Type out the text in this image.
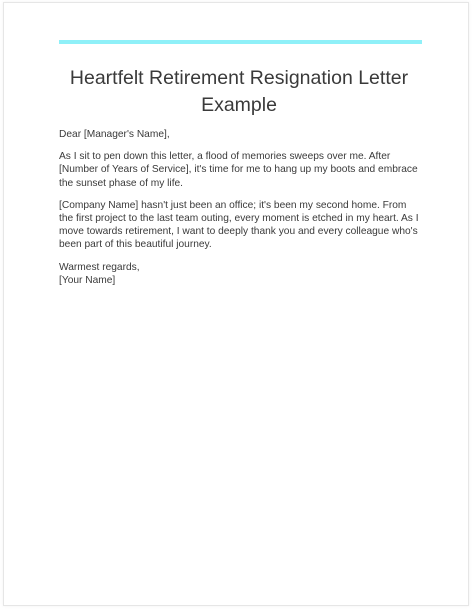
Heartfelt Retirement Resignation Letter Example

Dear [Manager's Name],

As I sit to pen down this letter, a flood of memories sweeps over me. After [Number of Years of Service], it's time for me to hang up my boots and embrace the sunset phase of my life.

[Company Name] hasn't just been an office; it's been my second home. From the first project to the last team outing, every moment is etched in my heart. As I move towards retirement, I want to deeply thank you and every colleague who's been part of this beautiful journey.

Warmest regards,
[Your Name]
